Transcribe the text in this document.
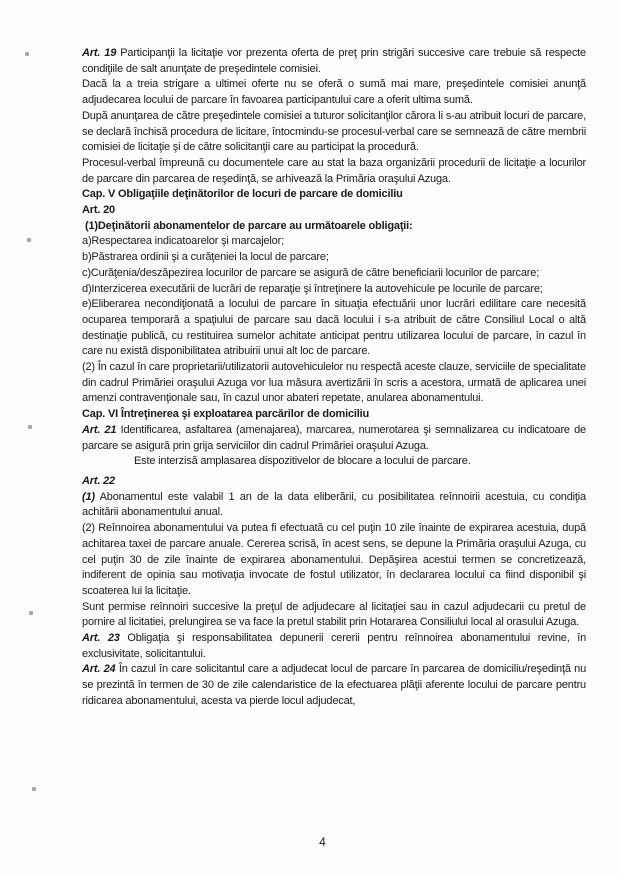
Art. 19 Participanţii la licitaţie vor prezenta oferta de preţ prin strigări succesive care trebuie să respecte condiţiile de salt anunţate de preşedintele comisiei.

Dacă la a treia strigare a ultimei oferte nu se oferă o sumă mai mare, preşedintele comisiei anunţă adjudecarea locului de parcare în favoarea participantului care a oferit ultima sumă.

După anunţarea de către preşedintele comisiei a tuturor solicitanţilor cărora li s-au atribuit locuri de parcare, se declară închisă procedura de licitare, întocmindu-se procesul-verbal care se semnează de către membrii comisiei de licitaţie şi de către solicitanţii care au participat la procedură.

Procesul-verbal împreună cu documentele care au stat la baza organizării procedurii de licitaţie a locurilor de parcare din parcarea de reşedinţă, se arhivează la Primăria oraşului Azuga.

Cap. V Obligaţiile deţinătorilor de locuri de parcare de domiciliu

Art. 20

(1)Deţinătorii abonamentelor de parcare au următoarele obligaţii:

a)Respectarea indicatoarelor şi marcajelor;

b)Păstrarea ordinii şi a curăţeniei la locul de parcare;

c)Curăţenia/deszăpezirea locurilor de parcare se asigură de către beneficiarii locurilor de parcare;

d)Interzicerea executării de lucrări de reparaţie şi întreţinere la autovehicule pe locurile de parcare;

e)Eliberarea necondiţionată a locului de parcare în situaţia efectuării unor lucrări edilitare care necesită ocuparea temporară a spaţiului de parcare sau dacă locului i s-a atribuit de către Consiliul Local o altă destinaţie publică, cu restituirea sumelor achitate anticipat pentru utilizarea locului de parcare, în cazul în care nu există disponibilitatea atribuirii unui alt loc de parcare.

(2) În cazul în care proprietarii/utilizatorii autovehiculelor nu respectă aceste clauze, serviciile de specialitate din cadrul Primăriei oraşului Azuga vor lua măsura avertizării în scris a acestora, urmată de aplicarea unei amenzi contravenţionale sau, în cazul unor abateri repetate, anularea abonamentului.

Cap. VI Întreţinerea şi exploatarea parcărilor de domiciliu

Art. 21 Identificarea, asfaltarea (amenajarea), marcarea, numerotarea şi semnalizarea cu indicatoare de parcare se asigură prin grija serviciilor din cadrul Primăriei oraşului Azuga.

Este interzisă amplasarea dispozitivelor de blocare a locului de parcare.

Art. 22

(1) Abonamentul este valabil 1 an de la data eliberării, cu posibilitatea reînnoirii acestuia, cu condiţia achitării abonamentului anual.

(2) Reînnoirea abonamentului va putea fi efectuată cu cel puţin 10 zile înainte de expirarea acestuia, după achitarea taxei de parcare anuale. Cererea scrisă, în acest sens, se depune la Primăria oraşului Azuga, cu cel puţin 30 de zile înainte de expirarea abonamentului. Depăşirea acestui termen se concretizează, indiferent de opinia sau motivaţia invocate de fostul utilizator, în declararea locului ca fiind disponibil şi scoaterea lui la licitaţie.

Sunt permise reînnoiri succesive la preţul de adjudecare al licitaţiei sau in cazul adjudecarii cu pretul de pornire al licitatiei, prelungirea se va face la pretul stabilit prin Hotararea Consiliului local al orasului Azuga.

Art. 23 Obligaţia şi responsabilitatea depunerii cererii pentru reînnoirea abonamentului revine, în exclusivitate, solicitantului.

Art. 24 În cazul în care solicitantul care a adjudecat locul de parcare în parcarea de domiciliu/reşedinţă nu se prezintă în termen de 30 de zile calendaristice de la efectuarea plăţii aferente locului de parcare pentru ridicarea abonamentului, acesta va pierde locul adjudecat,

4
